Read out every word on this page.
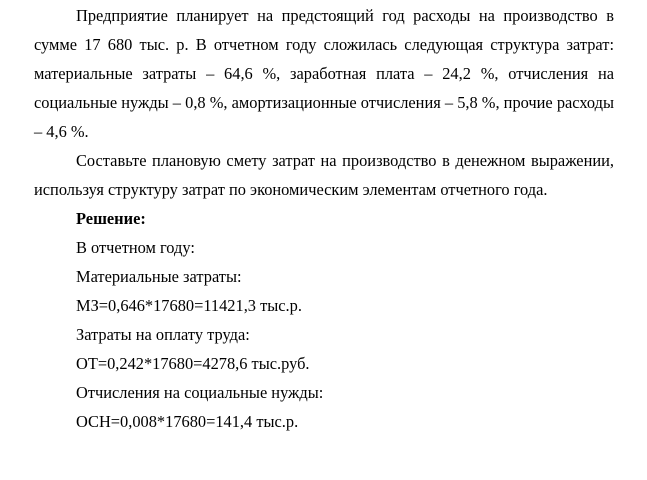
Предприятие планирует на предстоящий год расходы на производство в сумме 17 680 тыс. р. В отчетном году сложилась следующая структура затрат: материальные затраты – 64,6 %, заработная плата – 24,2 %, отчисления на социальные нужды – 0,8 %, амортизационные отчисления – 5,8 %, прочие расходы – 4,6 %.

Составьте плановую смету затрат на производство в денежном выражении, используя структуру затрат по экономическим элементам отчетного года.

Решение:

В отчетном году:

Материальные затраты:

МЗ=0,646*17680=11421,3 тыс.р.

Затраты на оплату труда:

ОТ=0,242*17680=4278,6 тыс.руб.

Отчисления на социальные нужды:

ОСН=0,008*17680=141,4 тыс.р.
